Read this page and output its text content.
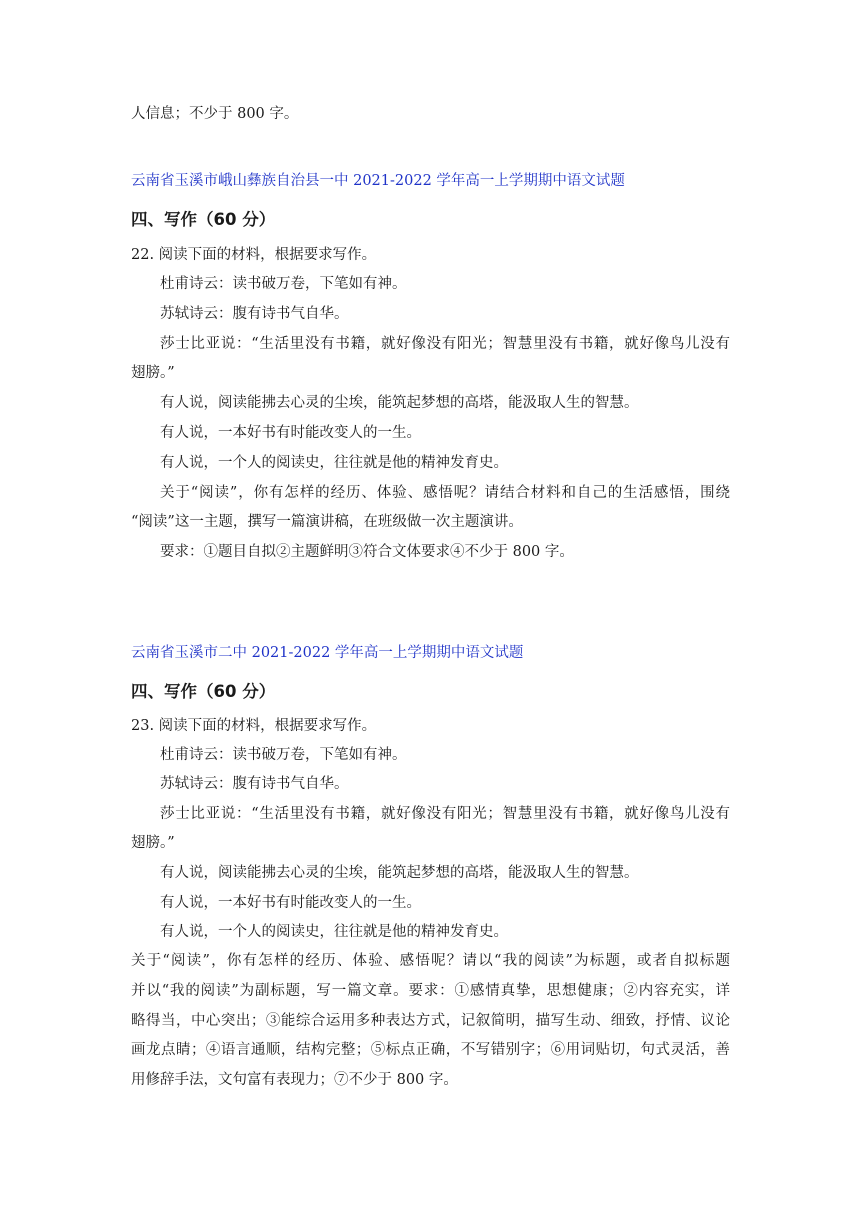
人信息；不少于 800 字。
云南省玉溪市峨山彝族自治县一中 2021-2022 学年高一上学期期中语文试题
四、写作（60 分）
22. 阅读下面的材料，根据要求写作。
杜甫诗云：读书破万卷，下笔如有神。
苏轼诗云：腹有诗书气自华。
莎士比亚说：“生活里没有书籍，就好像没有阳光；智慧里没有书籍，就好像鸟儿没有
翅膀。”
有人说，阅读能拂去心灵的尘埃，能筑起梦想的高塔，能汲取人生的智慧。
有人说，一本好书有时能改变人的一生。
有人说，一个人的阅读史，往往就是他的精神发育史。
关于“阅读”，你有怎样的经历、体验、感悟呢？请结合材料和自己的生活感悟，围绕
“阅读”这一主题，撰写一篇演讲稿，在班级做一次主题演讲。
要求：①题目自拟②主题鲜明③符合文体要求④不少于 800 字。
云南省玉溪市二中 2021-2022 学年高一上学期期中语文试题
四、写作（60 分）
23. 阅读下面的材料，根据要求写作。
杜甫诗云：读书破万卷，下笔如有神。
苏轼诗云：腹有诗书气自华。
莎士比亚说：“生活里没有书籍，就好像没有阳光；智慧里没有书籍，就好像鸟儿没有
翅膀。”
有人说，阅读能拂去心灵的尘埃，能筑起梦想的高塔，能汲取人生的智慧。
有人说，一本好书有时能改变人的一生。
有人说，一个人的阅读史，往往就是他的精神发育史。
关于“阅读”，你有怎样的经历、体验、感悟呢？请以“我的阅读”为标题，或者自拟标题
并以“我的阅读”为副标题，写一篇文章。要求：①感情真挚，思想健康；②内容充实，详
略得当，中心突出；③能综合运用多种表达方式，记叙简明，描写生动、细致，抒情、议论
画龙点睛；④语言通顺，结构完整；⑤标点正确，不写错别字；⑥用词贴切，句式灵活，善
用修辞手法，文句富有表现力；⑦不少于 800 字。
